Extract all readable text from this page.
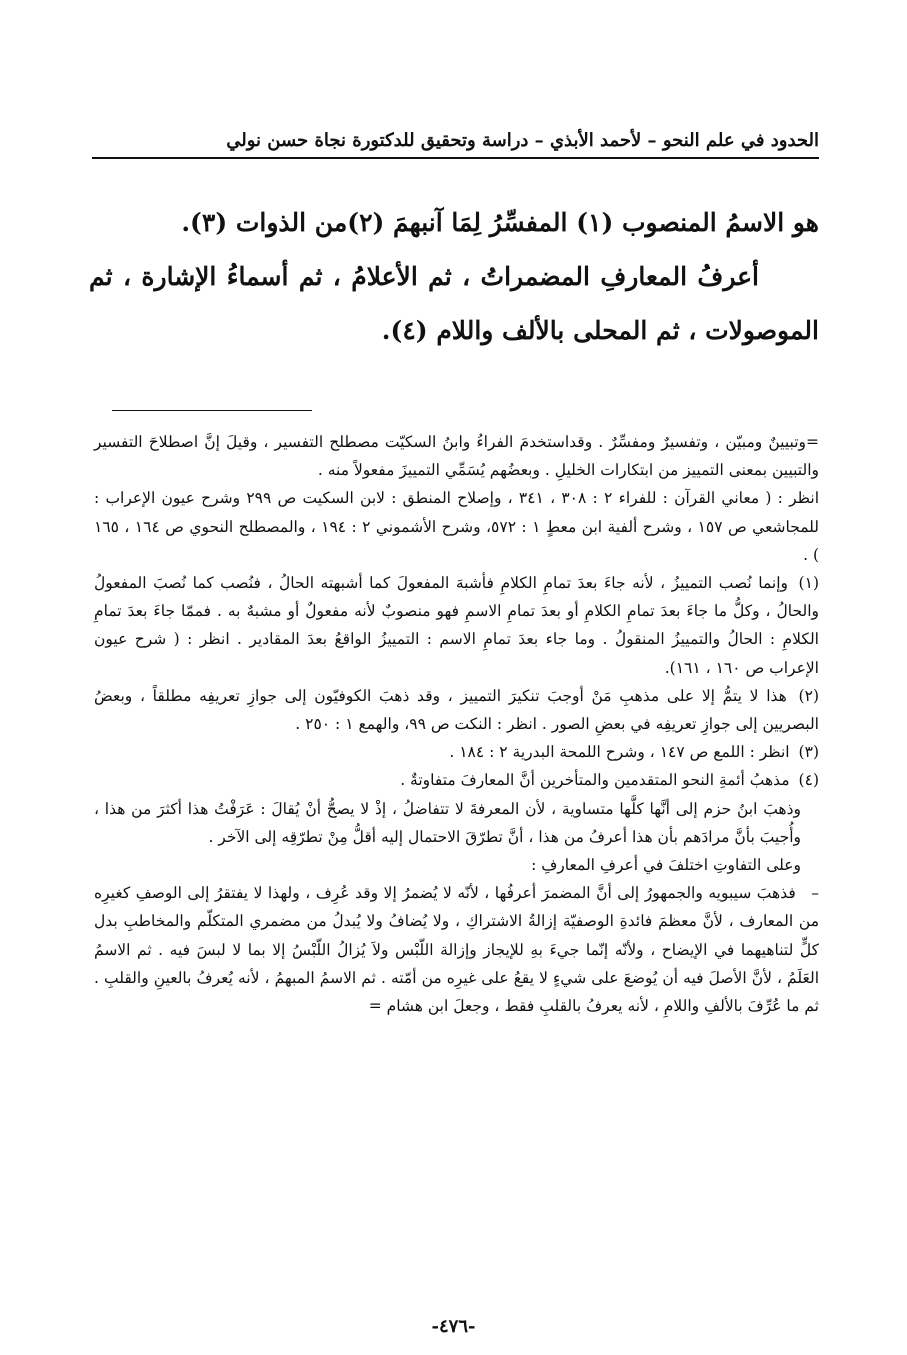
الحدود في علم النحو – لأحمد الأبذي – دراسة وتحقيق للدكتورة نجاة حسن نولي

هو الاسمُ المنصوب (١) المفسِّرُ لِمَا آنبهمَ (٢)من الذوات (٣).

أعرفُ المعارفِ المضمراتُ ، ثم الأعلامُ ، ثم أسماءُ الإشارة ، ثم الموصولات ، ثم المحلى بالألف واللام (٤).

=وتبيينٌ ومبيّن ، وتفسيرٌ ومفسِّرٌ . وقداستخدمَ الفراءُ وابنُ السكيّت مصطلح التفسير ، وقيلَ إنَّ اصطلاحَ التفسير والتبيين بمعنى التمييز من ابتكارات الخليلِ . وبعضُهم يُسَمِّي التمييزَ مفعولاً منه .

انظر : ( معاني القرآن : للفراء ٢ : ٣٠٨ ، ٣٤١ ، وإصلاح المنطق : لابن السكيت ص ٢٩٩ وشرح عيون الإعراب : للمجاشعي ص ١٥٧ ، وشرح ألفية ابن معطٍ ١ : ٥٧٢، وشرح الأشموني ٢ : ١٩٤ ، والمصطلح النحوي ص ١٦٤ ، ١٦٥ ) .

(١) وإنما نُصب التمييزُ ، لأنه جاءَ بعدَ تمامِ الكلامِ فأشبهَ المفعولَ كما أشبهته الحالُ ، فنُصب كما نُصبَ المفعولُ والحالُ ، وكلُّ ما جاءَ بعدَ تمامِ الكلامِ أو بعدَ تمامِ الاسمِ فهو منصوبٌ لأنه مفعولٌ أو مشبهٌ به . فممّا جاءَ بعدَ تمامِ الكلامِ : الحالُ والتمييزُ المنقولُ . وما جاء بعدَ تمامِ الاسم : التمييزُ الواقعُ بعدَ المقادير . انظر : ( شرح عيون الإعراب ص ١٦٠ ، ١٦١).

(٢) هذا لا يتمُّ إلا على مذهبِ مَنْ أوجبَ تنكيرَ التمييز ، وقد ذهبَ الكوفيّون إلى جوازِ تعريفِه مطلقاً ، وبعضُ البصريين إلى جوازِ تعريفِه في بعضِ الصور . انظر : النكت ص ٩٩، والهمع ١ : ٢٥٠ .

(٣) انظر : اللمع ص ١٤٧ ، وشرح اللمحة البدرية ٢ : ١٨٤ .

(٤) مذهبُ أئمةِ النحو المتقدمين والمتأخرين أنَّ المعارفَ متفاوتةٌ .

وذهبَ ابنُ حزم إلى أنَّها كلَّها متساوية ، لأن المعرفةَ لا تتفاضلُ ، إذْ لا يصحُّ أنْ يُقالَ : عَرَفْتُ هذا أكثرَ من هذا ، وأُجيبَ بأنَّ مرادَهم بأن هذا أعرفُ من هذا ، أنَّ تطرّقَ الاحتمال إليه أقلُّ مِنْ تطرّقِه إلى الآخر .

وعلى التفاوتِ اختلفَ في أعرفِ المعارفِ :

– فذهبَ سيبويه والجمهورُ إلى أنَّ المضمرَ أعرفُها ، لأنّه لا يُضمرُ إلا وقد عُرِف ، ولهذا لا يفتقرُ إلى الوصفِ كغيرِه من المعارف ، لأنَّ معظمَ فائدةِ الوصفيّة إزالةُ الاشتراكِ ، ولا يُضافُ ولا يُبدلُ من مضمري المتكلّم والمخاطبِ بدل كلٍّ لتناهيهما في الإيضاح ، ولأنّه إنّما جيءَ بهِ للإيجاز وإزالة اللّبْس ولاَ يُزالُ اللّبْسُ إلا بما لا لبسَ فيه . ثم الاسمُ العَلَمُ ، لأنَّ الأصلَ فيه أن يُوضعَ على شيءٍ لا يقعُ على غيرِه من أمّته . ثم الاسمُ المبهمُ ، لأنه يُعرفُ بالعينِ والقلبِ . ثم ما عُرِّفَ بالألفِ واللامِ ، لأنه يعرفُ بالقلبِ فقط ، وجعلَ ابن هشام =

-٤٧٦-
